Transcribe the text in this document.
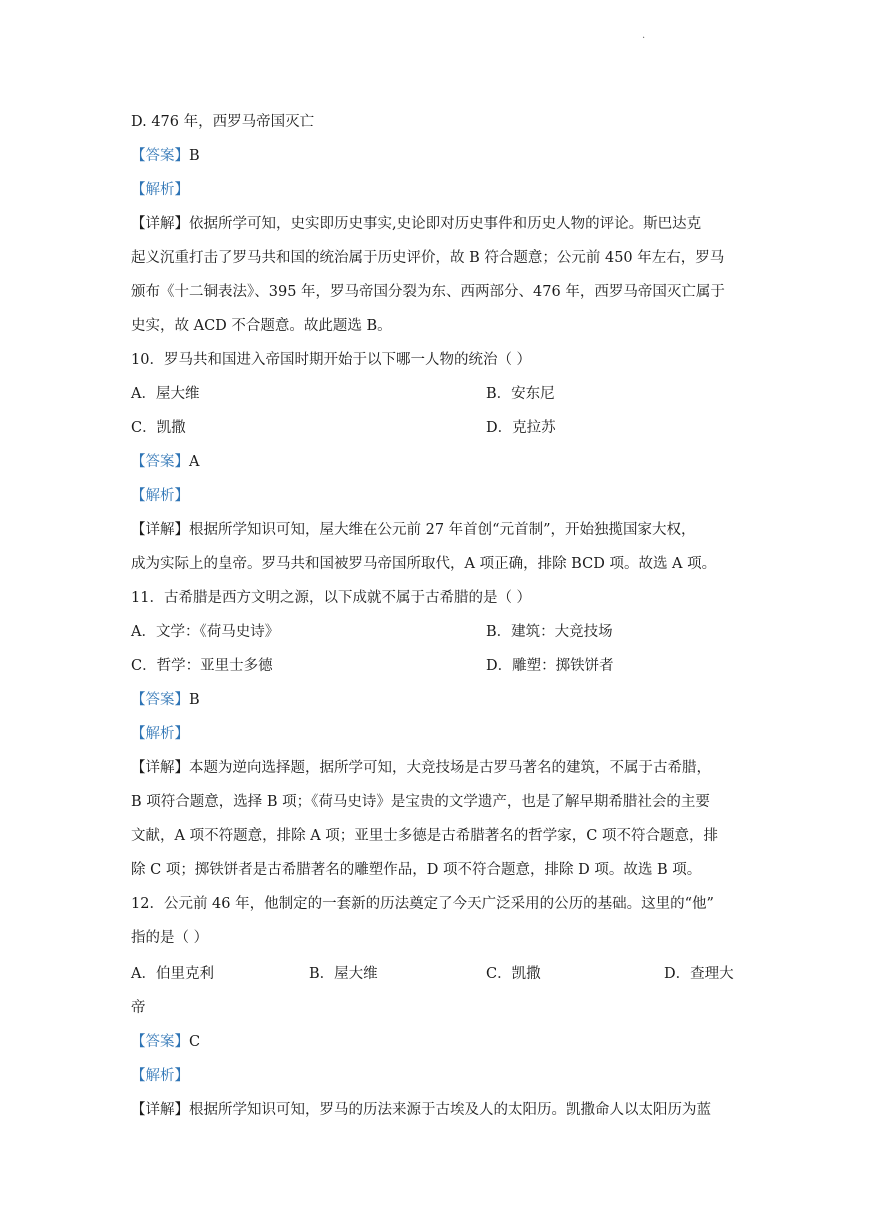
.
D. 476 年，西罗马帝国灭亡
【答案】B
【解析】
【详解】依据所学可知，史实即历史事实,史论即对历史事件和历史人物的评论。斯巴达克
起义沉重打击了罗马共和国的统治属于历史评价，故 B 符合题意；公元前 450 年左右，罗马
颁布《十二铜表法》、395 年，罗马帝国分裂为东、西两部分、476 年，西罗马帝国灭亡属于
史实，故 ACD 不合题意。故此题选 B。
10．罗马共和国进入帝国时期开始于以下哪一人物的统治（ ）
A．屋大维	B．安东尼
C．凯撒	D．克拉苏
【答案】A
【解析】
【详解】根据所学知识可知，屋大维在公元前 27 年首创“元首制”，开始独揽国家大权，
成为实际上的皇帝。罗马共和国被罗马帝国所取代，A 项正确，排除 BCD 项。故选 A 项。
11．古希腊是西方文明之源，以下成就不属于古希腊的是（ ）
A．文学：《荷马史诗》	B．建筑：大竞技场
C．哲学：亚里士多德	D．雕塑：掷铁饼者
【答案】B
【解析】
【详解】本题为逆向选择题，据所学可知，大竞技场是古罗马著名的建筑，不属于古希腊，
B 项符合题意，选择 B 项；《荷马史诗》是宝贵的文学遗产，也是了解早期希腊社会的主要
文献，A 项不符题意，排除 A 项；亚里士多德是古希腊著名的哲学家，C 项不符合题意，排
除 C 项；掷铁饼者是古希腊著名的雕塑作品，D 项不符合题意，排除 D 项。故选 B 项。
12．公元前 46 年，他制定的一套新的历法奠定了今天广泛采用的公历的基础。这里的“他”
指的是（ ）
A．伯里克利	B．屋大维	C．凯撒	D．查理大
帝
【答案】C
【解析】
【详解】根据所学知识可知，罗马的历法来源于古埃及人的太阳历。凯撒命人以太阳历为蓝
